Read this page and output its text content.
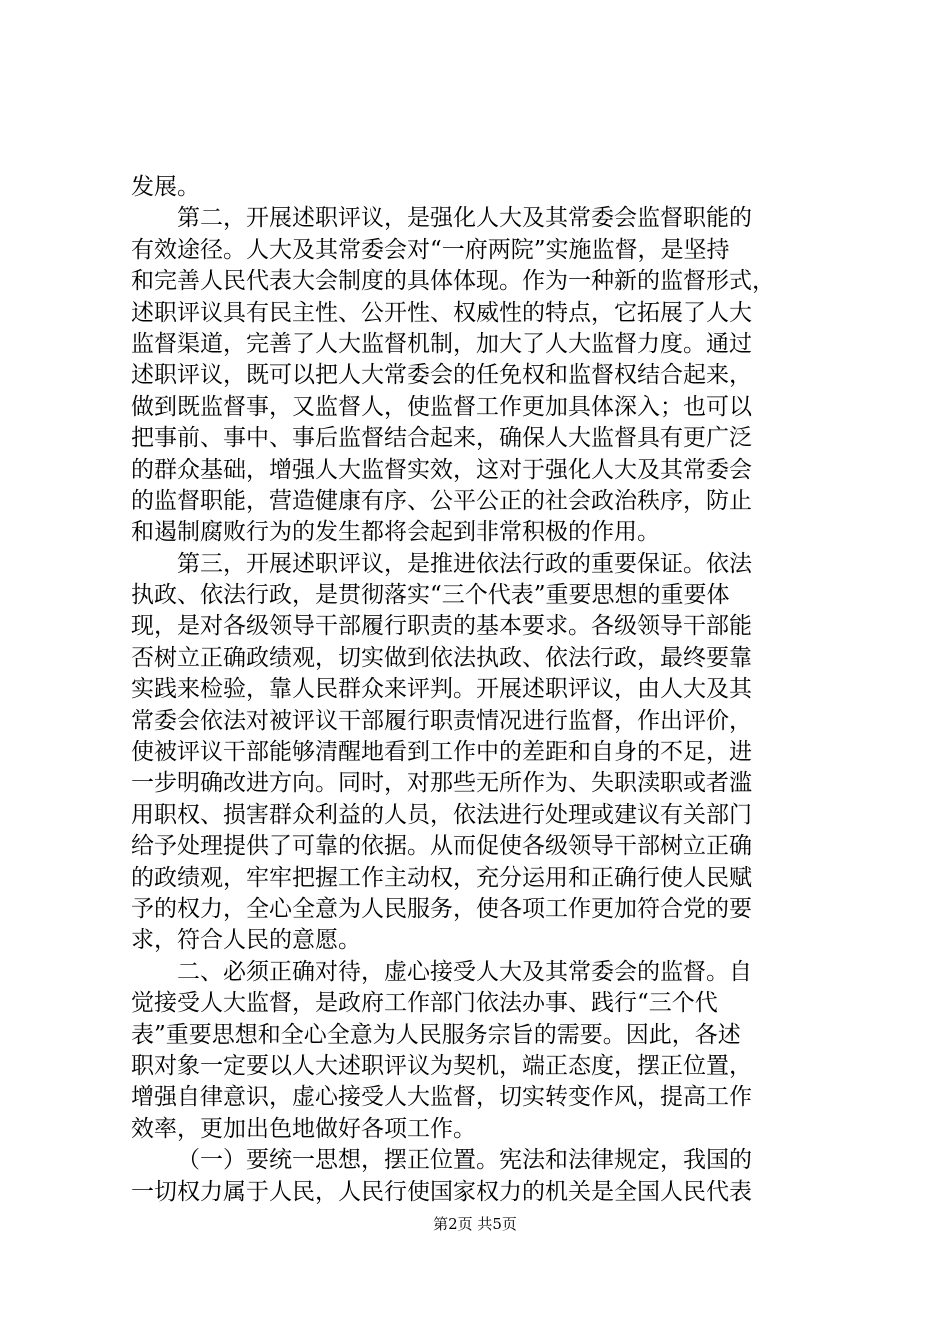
发展。
第二，开展述职评议，是强化人大及其常委会监督职能的
有效途径。人大及其常委会对“一府两院”实施监督，是坚持
和完善人民代表大会制度的具体体现。作为一种新的监督形式，
述职评议具有民主性、公开性、权威性的特点，它拓展了人大
监督渠道，完善了人大监督机制，加大了人大监督力度。通过
述职评议，既可以把人大常委会的任免权和监督权结合起来，
做到既监督事，又监督人，使监督工作更加具体深入；也可以
把事前、事中、事后监督结合起来，确保人大监督具有更广泛
的群众基础，增强人大监督实效，这对于强化人大及其常委会
的监督职能，营造健康有序、公平公正的社会政治秩序，防止
和遏制腐败行为的发生都将会起到非常积极的作用。
第三，开展述职评议，是推进依法行政的重要保证。依法
执政、依法行政，是贯彻落实“三个代表”重要思想的重要体
现，是对各级领导干部履行职责的基本要求。各级领导干部能
否树立正确政绩观，切实做到依法执政、依法行政，最终要靠
实践来检验，靠人民群众来评判。开展述职评议，由人大及其
常委会依法对被评议干部履行职责情况进行监督，作出评价，
使被评议干部能够清醒地看到工作中的差距和自身的不足，进
一步明确改进方向。同时，对那些无所作为、失职渎职或者滥
用职权、损害群众利益的人员，依法进行处理或建议有关部门
给予处理提供了可靠的依据。从而促使各级领导干部树立正确
的政绩观，牢牢把握工作主动权，充分运用和正确行使人民赋
予的权力，全心全意为人民服务，使各项工作更加符合党的要
求，符合人民的意愿。
二、必须正确对待，虚心接受人大及其常委会的监督。自
觉接受人大监督，是政府工作部门依法办事、践行“三个代
表”重要思想和全心全意为人民服务宗旨的需要。因此，各述
职对象一定要以人大述职评议为契机，端正态度，摆正位置，
增强自律意识，虚心接受人大监督，切实转变作风，提高工作
效率，更加出色地做好各项工作。
（一）要统一思想，摆正位置。宪法和法律规定，我国的
一切权力属于人民，人民行使国家权力的机关是全国人民代表
第2页 共5页
